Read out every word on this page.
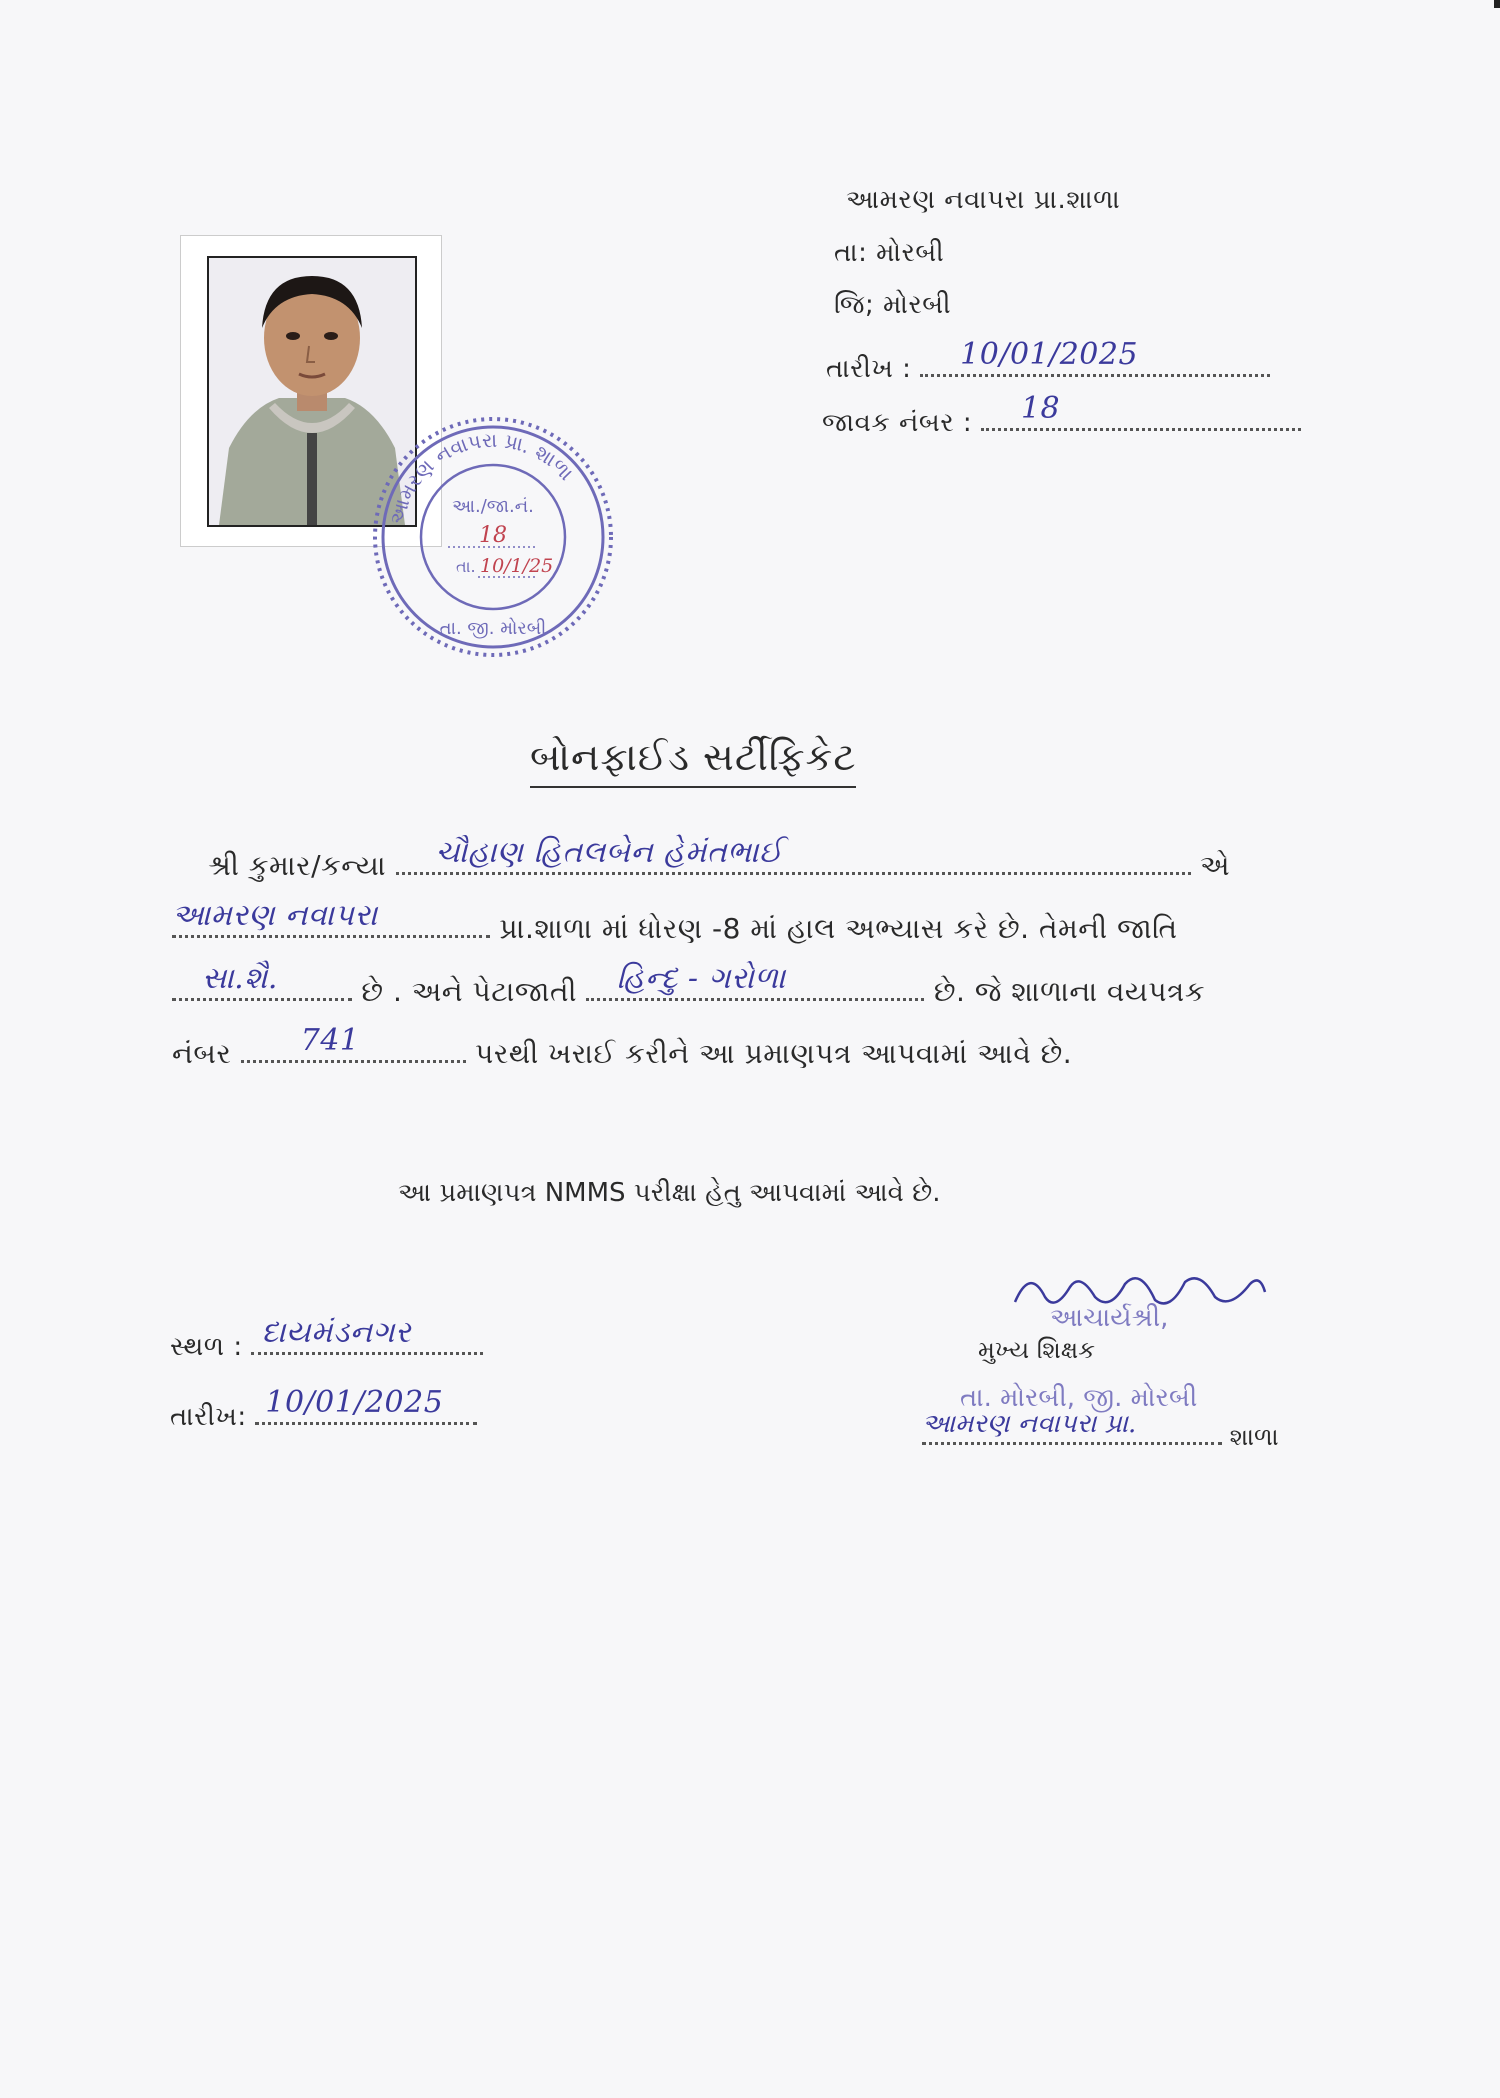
આમરણ નવાપરા પ્રા.શાળા
તા: મોરબી
જિ; મોરબી
તારીખ : 10/01/2025
જાવક નંબર : 18
આમરણ નવાપરા પ્રા. શાળા
તા. જી. મોરબી
આ./જા.નં.
18
તા. 10/1/25
બોનફાઈડ સર્ટીફિકેટ
શ્રી કુમાર/કન્યા ચૌહાણ હિતલબેન હેમંતભાઈ	એ
આમરણ નવાપરા	પ્રા.શાળા માં ધોરણ -8 માં હાલ અભ્યાસ કરે છે. તેમની જાતિ
સા.શૈ.	છે . અને પેટાજાતી હિન્દુ - ગરોળા	છે. જે શાળાના વયપત્રક
નંબર 741	પરથી ખરાઈ કરીને આ પ્રમાણપત્ર આપવામાં આવે છે.
આ પ્રમાણપત્ર NMMS પરીક્ષા હેતુ આપવામાં આવે છે.
સ્થળ : દાયમંડનગર
તારીખ: 10/01/2025
આચાર્યશ્રી,
તા. મોરબી, જી. મોરબી
મુખ્ય શિક્ષક
આમરણ નવાપરા પ્રા.	શાળા
